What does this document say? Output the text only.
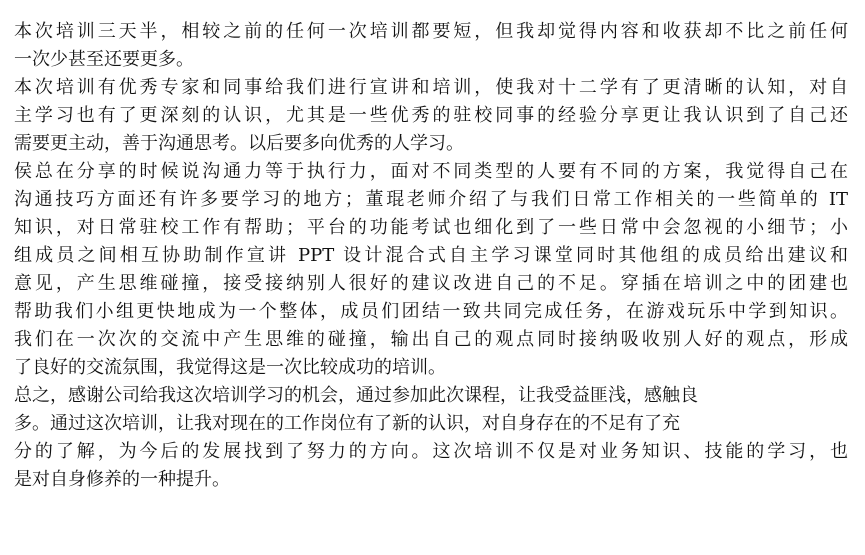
本次培训三天半，相较之前的任何一次培训都要短，但我却觉得内容和收获却不比之前任何
一次少甚至还要更多。
本次培训有优秀专家和同事给我们进行宣讲和培训，使我对十二学有了更清晰的认知，对自
主学习也有了更深刻的认识，尤其是一些优秀的驻校同事的经验分享更让我认识到了自己还
需要更主动，善于沟通思考。以后要多向优秀的人学习。
侯总在分享的时候说沟通力等于执行力，面对不同类型的人要有不同的方案，我觉得自己在
沟通技巧方面还有许多要学习的地方；董琨老师介绍了与我们日常工作相关的一些简单的 IT
知识，对日常驻校工作有帮助；平台的功能考试也细化到了一些日常中会忽视的小细节；小
组成员之间相互协助制作宣讲 PPT 设计混合式自主学习课堂同时其他组的成员给出建议和
意见，产生思维碰撞，接受接纳别人很好的建议改进自己的不足。穿插在培训之中的团建也
帮助我们小组更快地成为一个整体，成员们团结一致共同完成任务，在游戏玩乐中学到知识。
我们在一次次的交流中产生思维的碰撞，输出自己的观点同时接纳吸收别人好的观点，形成
了良好的交流氛围，我觉得这是一次比较成功的培训。
总之，感谢公司给我这次培训学习的机会，通过参加此次课程，让我受益匪浅，感触良
多。通过这次培训，让我对现在的工作岗位有了新的认识，对自身存在的不足有了充
分的了解，为今后的发展找到了努力的方向。这次培训不仅是对业务知识、技能的学习，也
是对自身修养的一种提升。
